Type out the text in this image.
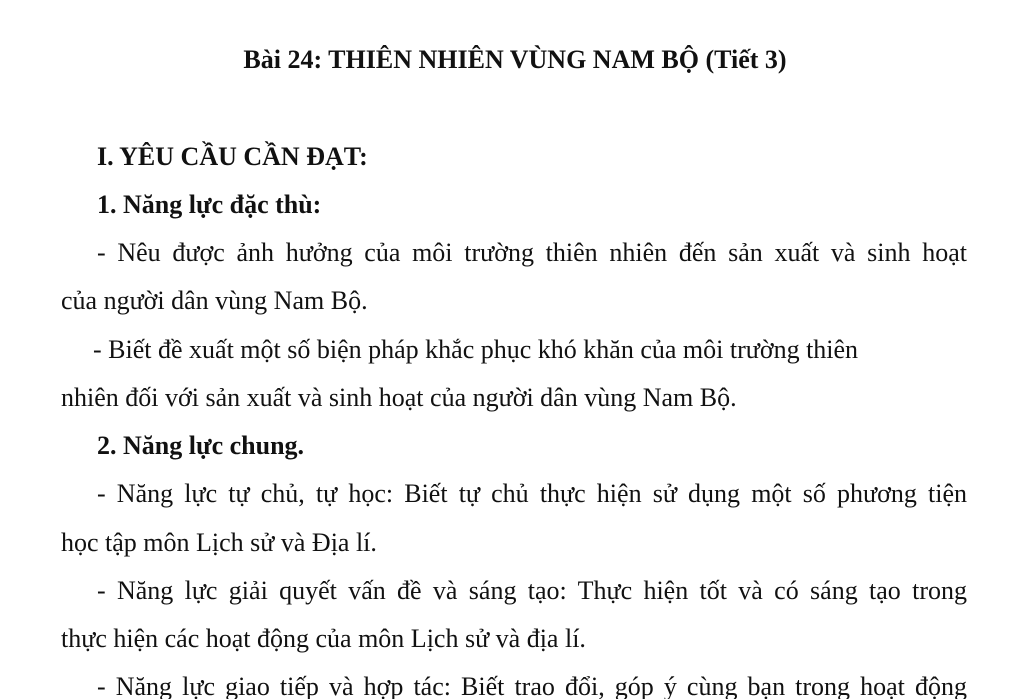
Bài 24: THIÊN NHIÊN VÙNG NAM BỘ (Tiết 3)
I. YÊU CẦU CẦN ĐẠT:
1. Năng lực đặc thù:
- Nêu được ảnh hưởng của môi trường thiên nhiên đến sản xuất và sinh hoạt
của người dân vùng Nam Bộ.
- Biết đề xuất một số biện pháp khắc phục khó khăn của môi trường thiên
nhiên đối với sản xuất và sinh hoạt của người dân vùng Nam Bộ.
2. Năng lực chung.
- Năng lực tự chủ, tự học: Biết tự chủ thực hiện sử dụng một số phương tiện
học tập môn Lịch sử và Địa lí.
- Năng lực giải quyết vấn đề và sáng tạo: Thực hiện tốt và có sáng tạo trong
thực hiện các hoạt động của môn Lịch sử và địa lí.
- Năng lực giao tiếp và hợp tác: Biết trao đổi, góp ý cùng bạn trong hoạt động
